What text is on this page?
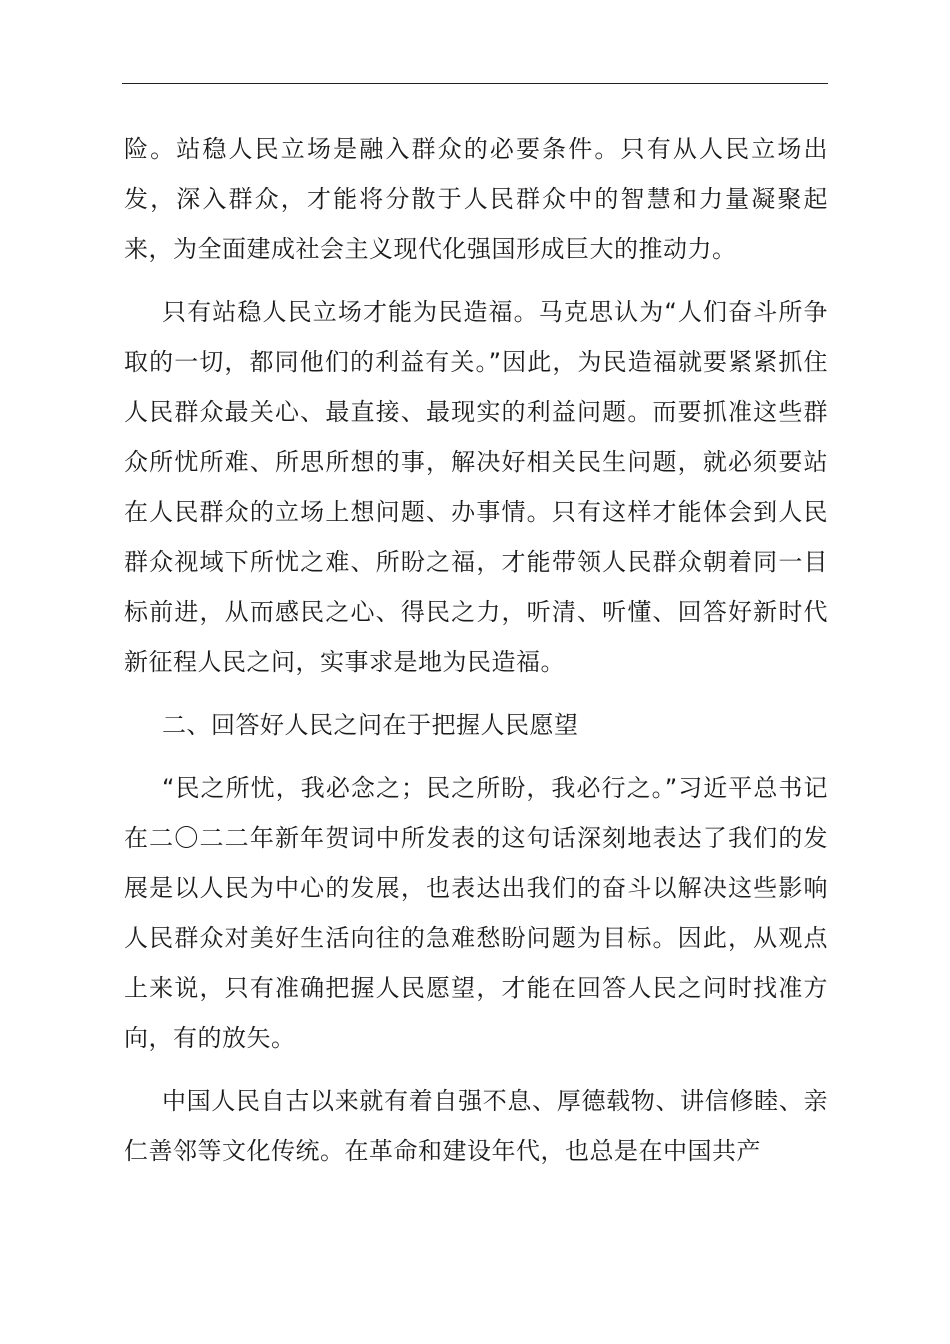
险。站稳人民立场是融入群众的必要条件。只有从人民立场出发，深入群众，才能将分散于人民群众中的智慧和力量凝聚起来，为全面建成社会主义现代化强国形成巨大的推动力。

只有站稳人民立场才能为民造福。马克思认为“人们奋斗所争取的一切，都同他们的利益有关。”因此，为民造福就要紧紧抓住人民群众最关心、最直接、最现实的利益问题。而要抓准这些群众所忧所难、所思所想的事，解决好相关民生问题，就必须要站在人民群众的立场上想问题、办事情。只有这样才能体会到人民群众视域下所忧之难、所盼之福，才能带领人民群众朝着同一目标前进，从而感民之心、得民之力，听清、听懂、回答好新时代新征程人民之问，实事求是地为民造福。

二、回答好人民之问在于把握人民愿望

“民之所忧，我必念之；民之所盼，我必行之。”习近平总书记在二〇二二年新年贺词中所发表的这句话深刻地表达了我们的发展是以人民为中心的发展，也表达出我们的奋斗以解决这些影响人民群众对美好生活向往的急难愁盼问题为目标。因此，从观点上来说，只有准确把握人民愿望，才能在回答人民之问时找准方向，有的放矢。

中国人民自古以来就有着自强不息、厚德载物、讲信修睦、亲仁善邻等文化传统。在革命和建设年代，也总是在中国共产
